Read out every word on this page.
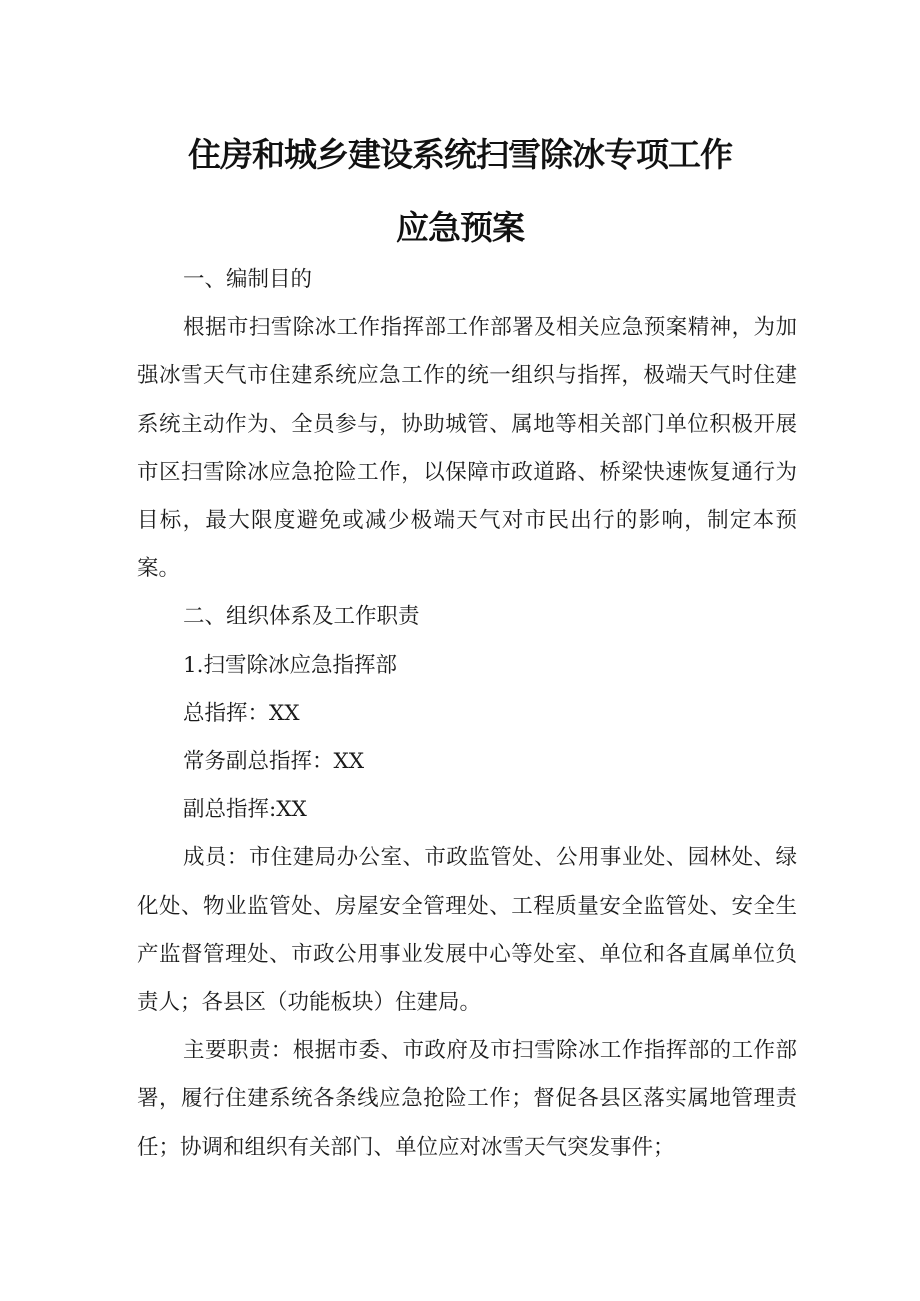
住房和城乡建设系统扫雪除冰专项工作
应急预案

一、编制目的

根据市扫雪除冰工作指挥部工作部署及相关应急预案精神，为加强冰雪天气市住建系统应急工作的统一组织与指挥，极端天气时住建系统主动作为、全员参与，协助城管、属地等相关部门单位积极开展市区扫雪除冰应急抢险工作，以保障市政道路、桥梁快速恢复通行为目标，最大限度避免或减少极端天气对市民出行的影响，制定本预案。

二、组织体系及工作职责

1.扫雪除冰应急指挥部

总指挥：XX

常务副总指挥：XX

副总指挥:XX

成员：市住建局办公室、市政监管处、公用事业处、园林处、绿化处、物业监管处、房屋安全管理处、工程质量安全监管处、安全生产监督管理处、市政公用事业发展中心等处室、单位和各直属单位负责人；各县区（功能板块）住建局。

主要职责：根据市委、市政府及市扫雪除冰工作指挥部的工作部署，履行住建系统各条线应急抢险工作；督促各县区落实属地管理责任；协调和组织有关部门、单位应对冰雪天气突发事件；
